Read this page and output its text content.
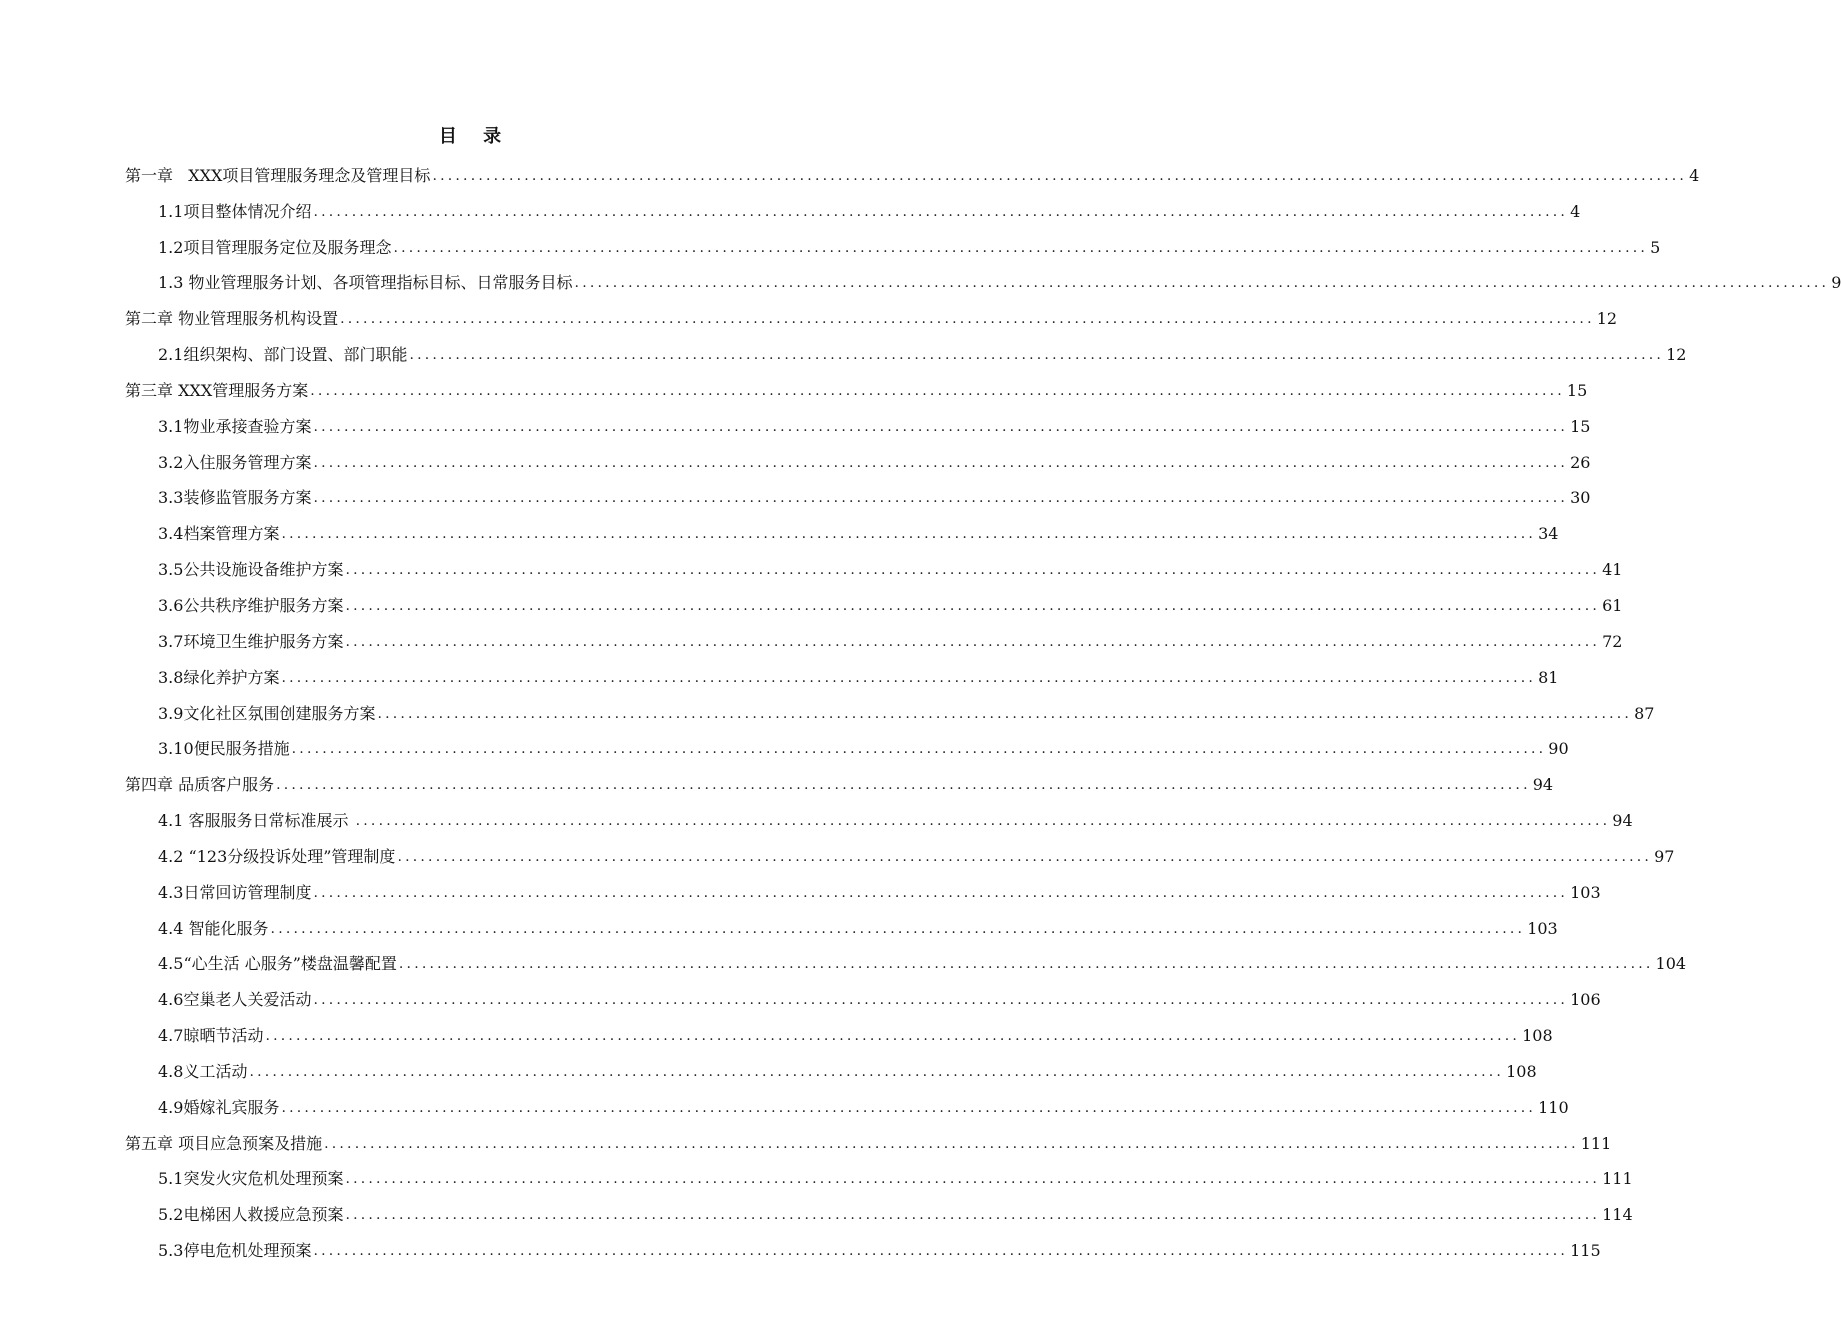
目 录
第一章   XXX项目管理服务理念及管理目标 .................................................................................................................................................................... 4
1.1项目整体情况介绍 .................................................................................................................................................................... 4
1.2项目管理服务定位及服务理念 .................................................................................................................................................................... 5
1.3 物业管理服务计划、各项管理指标目标、日常服务目标 .................................................................................................................................................................... 9
第二章 物业管理服务机构设置 .................................................................................................................................................................... 12
2.1组织架构、部门设置、部门职能 .................................................................................................................................................................... 12
第三章 XXX管理服务方案 .................................................................................................................................................................... 15
3.1物业承接查验方案 .................................................................................................................................................................... 15
3.2入住服务管理方案 .................................................................................................................................................................... 26
3.3装修监管服务方案 .................................................................................................................................................................... 30
3.4档案管理方案 .................................................................................................................................................................... 34
3.5公共设施设备维护方案 .................................................................................................................................................................... 41
3.6公共秩序维护服务方案 .................................................................................................................................................................... 61
3.7环境卫生维护服务方案 .................................................................................................................................................................... 72
3.8绿化养护方案 .................................................................................................................................................................... 81
3.9文化社区氛围创建服务方案 .................................................................................................................................................................... 87
3.10便民服务措施 .................................................................................................................................................................... 90
第四章 品质客户服务 .................................................................................................................................................................... 94
4.1 客服服务日常标准展示 .................................................................................................................................................................... 94
4.2 “123分级投诉处理”管理制度 .................................................................................................................................................................... 97
4.3日常回访管理制度 .................................................................................................................................................................... 103
4.4 智能化服务 .................................................................................................................................................................... 103
4.5“心生活 心服务”楼盘温馨配置 .................................................................................................................................................................... 104
4.6空巢老人关爱活动 .................................................................................................................................................................... 106
4.7晾晒节活动 .................................................................................................................................................................... 108
4.8义工活动 .................................................................................................................................................................... 108
4.9婚嫁礼宾服务 .................................................................................................................................................................... 110
第五章 项目应急预案及措施 .................................................................................................................................................................... 111
5.1突发火灾危机处理预案 .................................................................................................................................................................... 111
5.2电梯困人救援应急预案 .................................................................................................................................................................... 114
5.3停电危机处理预案 .................................................................................................................................................................... 115
